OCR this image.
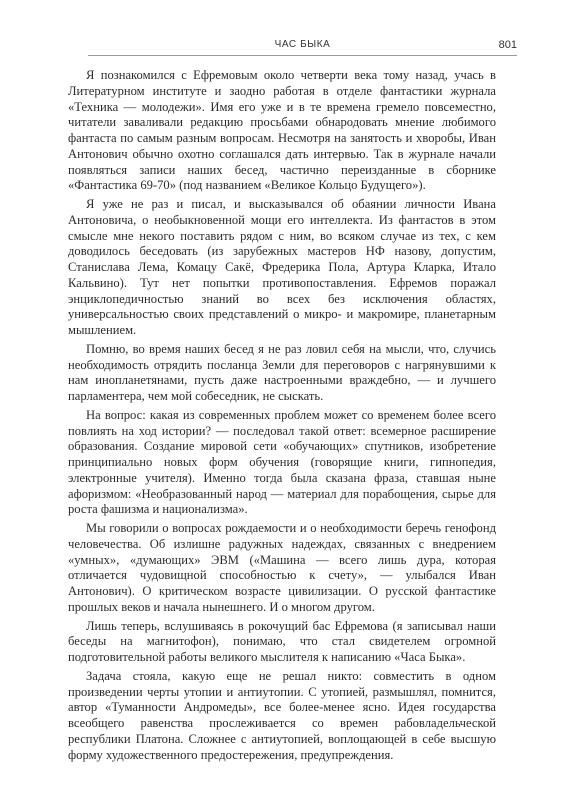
ЧАС БЫКА	801

Я познакомился с Ефремовым около четверти века тому назад, учась в Литературном институте и заодно работая в отделе фантастики журнала «Техника — молодежи». Имя его уже и в те времена гремело повсеместно, читатели заваливали редакцию просьбами обнародовать мнение любимого фантаста по самым разным вопросам. Несмотря на занятость и хворобы, Иван Антонович обычно охотно соглашался дать интервью. Так в журнале начали появляться записи наших бесед, частично переизданные в сборнике «Фантастика 69-70» (под названием «Великое Кольцо Будущего»).

Я уже не раз и писал, и высказывался об обаянии личности Ивана Антоновича, о необыкновенной мощи его интеллекта. Из фантастов в этом смысле мне некого поставить рядом с ним, во всяком случае из тех, с кем доводилось беседовать (из зарубежных мастеров НФ назову, допустим, Станислава Лема, Комацу Сакё, Фредерика Пола, Артура Кларка, Итало Кальвино). Тут нет попытки противопоставления. Ефремов поражал энциклопедичностью знаний во всех без исключения областях, универсальностью своих представлений о микро- и макромире, планетарным мышлением.

Помню, во время наших бесед я не раз ловил себя на мысли, что, случись необходимость отрядить посланца Земли для переговоров с нагрянувшими к нам инопланетянами, пусть даже настроенными враждебно, — и лучшего парламентера, чем мой собеседник, не сыскать.

На вопрос: какая из современных проблем может со временем более всего повлиять на ход истории? — последовал такой ответ: всемерное расширение образования. Создание мировой сети «обучающих» спутников, изобретение принципиально новых форм обучения (говорящие книги, гипнопедия, электронные учителя). Именно тогда была сказана фраза, ставшая ныне афоризмом: «Необразованный народ — материал для порабощения, сырье для роста фашизма и национализма».

Мы говорили о вопросах рождаемости и о необходимости беречь генофонд человечества. Об излишне радужных надеждах, связанных с внедрением «умных», «думающих» ЭВМ («Машина — всего лишь дура, которая отличается чудовищной способностью к счету», — улыбался Иван Антонович). О критическом возрасте цивилизации. О русской фантастике прошлых веков и начала нынешнего. И о многом другом.

Лишь теперь, вслушиваясь в рокочущий бас Ефремова (я записывал наши беседы на магнитофон), понимаю, что стал свидетелем огромной подготовительной работы великого мыслителя к написанию «Часа Быка».

Задача стояла, какую еще не решал никто: совместить в одном произведении черты утопии и антиутопии. С утопией, размышлял, помнится, автор «Туманности Андромеды», все более-менее ясно. Идея государства всеобщего равенства прослеживается со времен рабовладельческой республики Платона. Сложнее с антиутопией, воплощающей в себе высшую форму художественного предостережения, предупреждения.
